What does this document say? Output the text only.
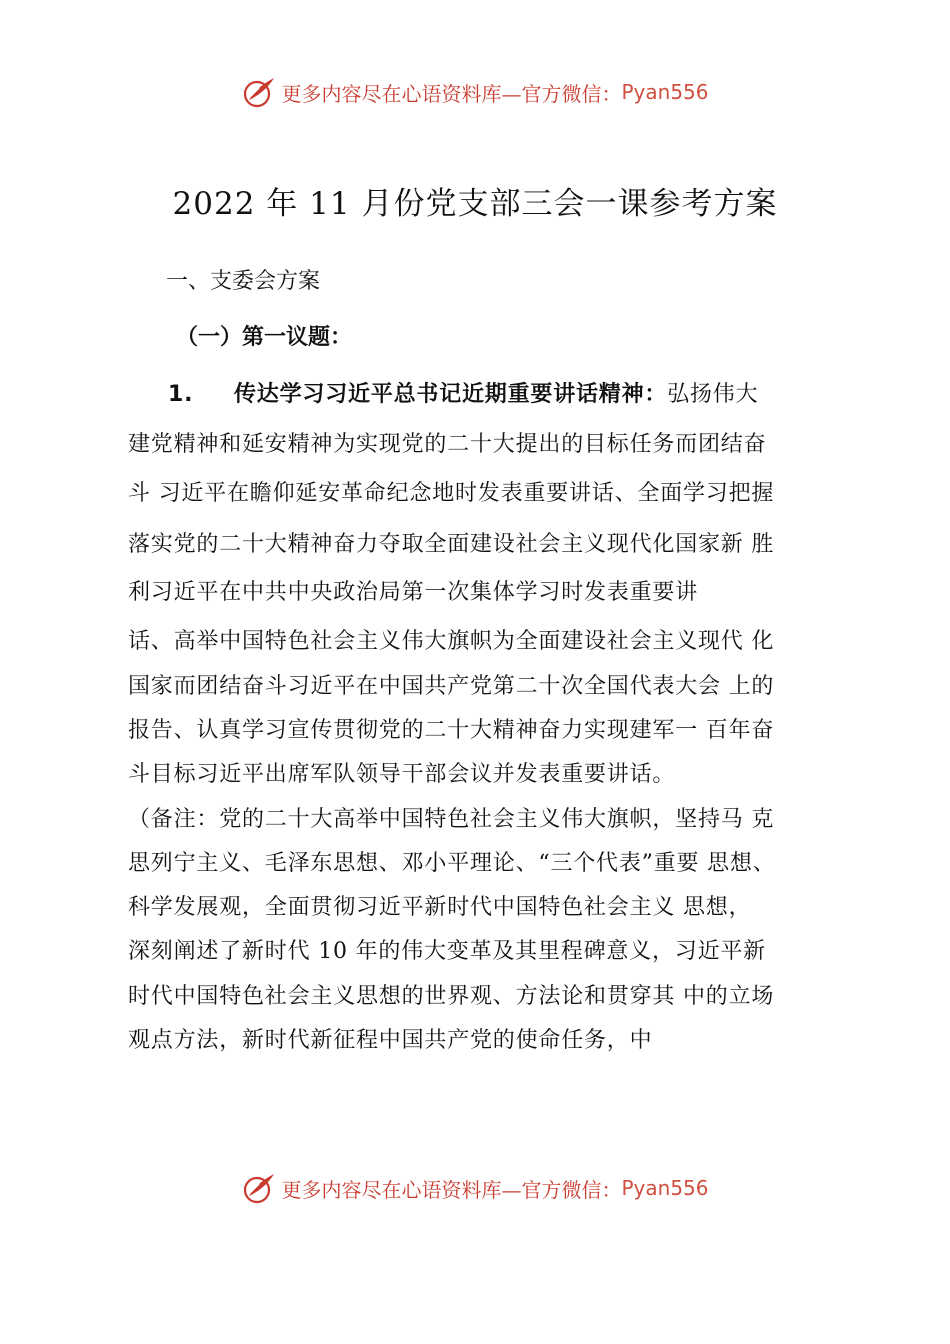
更多内容尽在心语资料库—官方微信： Pyan556
2022 年 11 月份党支部三会一课参考方案
一、支委会方案
（一）第一议题：
1. 传达学习习近平总书记近期重要讲话精神：弘扬伟大
建党精神和延安精神为实现党的二十大提出的目标任务而团结奋
斗 习近平在瞻仰延安革命纪念地时发表重要讲话、全面学习把握
落实党的二十大精神奋力夺取全面建设社会主义现代化国家新 胜
利习近平在中共中央政治局第一次集体学习时发表重要讲
话、高举中国特色社会主义伟大旗帜为全面建设社会主义现代 化
国家而团结奋斗习近平在中国共产党第二十次全国代表大会 上的
报告、认真学习宣传贯彻党的二十大精神奋力实现建军一 百年奋
斗目标习近平出席军队领导干部会议并发表重要讲话。
（备注：党的二十大高举中国特色社会主义伟大旗帜，坚持马 克
思列宁主义、毛泽东思想、邓小平理论、“三个代表”重要 思想、
科学发展观，全面贯彻习近平新时代中国特色社会主义 思想，
深刻阐述了新时代 10 年的伟大变革及其里程碑意义，习近平新
时代中国特色社会主义思想的世界观、方法论和贯穿其 中的立场
观点方法，新时代新征程中国共产党的使命任务，中
更多内容尽在心语资料库—官方微信： Pyan556
